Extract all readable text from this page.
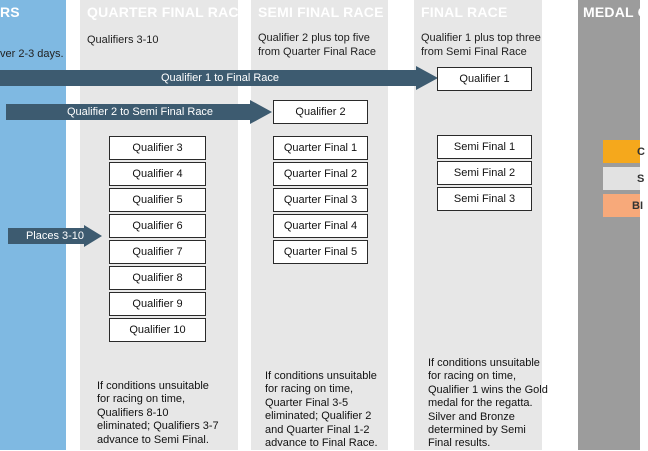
RS	QUARTER FINAL RACE SEMI FINAL RACE	FINAL RACE	MEDAL C
ver 2-3 days.
Qualifiers 3-10	Qualifier 2 plus top five
from Quarter Final Race
Qualifier 1 plus top three
from Semi Final Race
Qualifier 1 to Final Race
Qualifier 2 to Semi Final Race
Places 3-10
Qualifier 1
Qualifier 2
Qualifier 3
Qualifier 4
Qualifier 5
Qualifier 6
Qualifier 7
Qualifier 8
Qualifier 9
Qualifier 10
Quarter Final 1
Quarter Final 2
Quarter Final 3
Quarter Final 4
Quarter Final 5
Semi Final 1
Semi Final 2
Semi Final 3
C
S
BI
If conditions unsuitable
for racing on time,
Qualifiers 8-10
eliminated; Qualifiers 3-7
advance to Semi Final.
If conditions unsuitable
for racing on time,
Quarter Final 3-5
eliminated; Qualifier 2
and Quarter Final 1-2
advance to Final Race.
If conditions unsuitable
for racing on time,
Qualifier 1 wins the Gold
medal for the regatta.
Silver and Bronze
determined by Semi
Final results.
